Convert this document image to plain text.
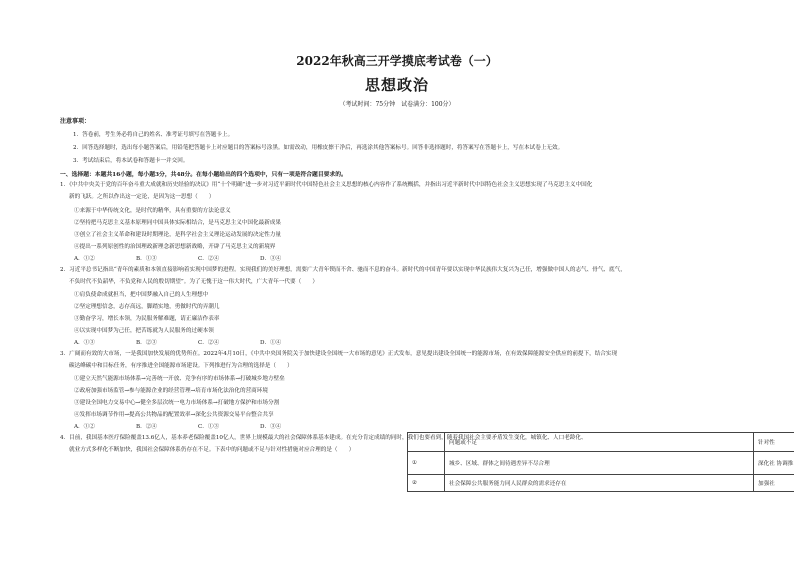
2022年秋高三开学摸底考试卷（一）
思想政治
（考试时间：75分钟　试卷满分：100分）
注意事项：
1．答卷前，考生务必将自己的姓名、准考证号填写在答题卡上。
2．回答选择题时，选出每小题答案后，用铅笔把答题卡上对应题目的答案标号涂黑。如需改动，用橡皮擦干净后，再选涂其他答案标号。回答非选择题时，将答案写在答题卡上，写在本试卷上无效。
3．考试结束后，将本试卷和答题卡一并交回。
一、选择题：本题共16小题，每小题3分，共48分。在每小题给出的四个选项中，只有一项是符合题目要求的。
1．《中共中央关于党的百年奋斗重大成就和历史经验的决议》用“十个明确”进一步对习近平新时代中国特色社会主义思想的核心内容作了系统概括，并指出习近平新时代中国特色社会主义思想实现了马克思主义中国化
新的飞跃。之所以作出这一定论，是因为这一思想（　　）
①来源于中华传统文化，是时代的精华，具有重要的方法论意义
②坚持把马克思主义基本原理同中国具体实际相结合，是马克思主义中国化最新成果
③创立了社会主义革命和建设时期理论，是科学社会主义理论运动发展的决定性力量
④提出一系列原创性的治国理政新理念新思想新战略，开辟了马克思主义的新境界
A．①②	B．①③	C．②④	D．③④
2．习近平总书记指出“青年的素质和本领直接影响着实现中国梦的进程。实现我们的美好理想，需要广大青年锲而不舍、驰而不息的奋斗。新时代的中国青年要以实现中华民族伟大复兴为己任，增强做中国人的志气、骨气、底气，
不负时代不负韶华，不负党和人民的殷切期望”。为了无愧于这一伟大时代，广大青年一代要（　　）
①肩负使命成就担当，把中国梦融入自己的人生理想中
②坚定理想信念，志存高远，脚踏实地，勇做时代的弄潮儿
③勤奋学习，增长本领，为民服务解难题，请正廉洁作表率
④以实现中国梦为己任，把苦练就为人民服务的过硬本领
A．①③	B．②③	C．②④	D．①④
3．广阔而有效的大市场，一是我国加快发展的优势所在。2022年4月10日，《中共中央国务院关于加快建设全国统一大市场的意见》正式发布，意见提出建设全国统一的能源市场，在有效保障能源安全供应的前提下，结合实现
碳达峰碳中和目标任务，有序推进全国能源市场建设。下列推进行为合理的选择是（　　）
①建立天然气能源市场体系→完善统一开放、竞争有序的市场体系→打破城乡地方壁垒
②政府加强市场监管→参与能源企业的经营管理→培育市场化法治化的营商环境
③建设全国电力交易中心→健全多层次统一电力市场体系→打破地方保护和市场分割
④发挥市场调节作用→提高公共物品的配置效率→深化公共资源交易平台整合共享
A．①②	B．②④	C．①③	D．③④
4．目前，我国基本医疗保险覆盖13.6亿人，基本养老保险覆盖10亿人，世界上规模最大的社会保障体系基本建成。在充分肯定成绩的同时，我们也要看到，随着我国社会主要矛盾发生变化，城镇化、人口老龄化、
就业方式多样化不断加快，我国社会保障体系仍存在不足。下表中的问题或不足与针对性措施对应合理的是（　　）
	问题或不足	针对性
①	城乡、区域、群体之间待遇差异不尽合理	深化社 协调推
②	社会保障公共服务能力同人民群众的需求还存在	加强社
